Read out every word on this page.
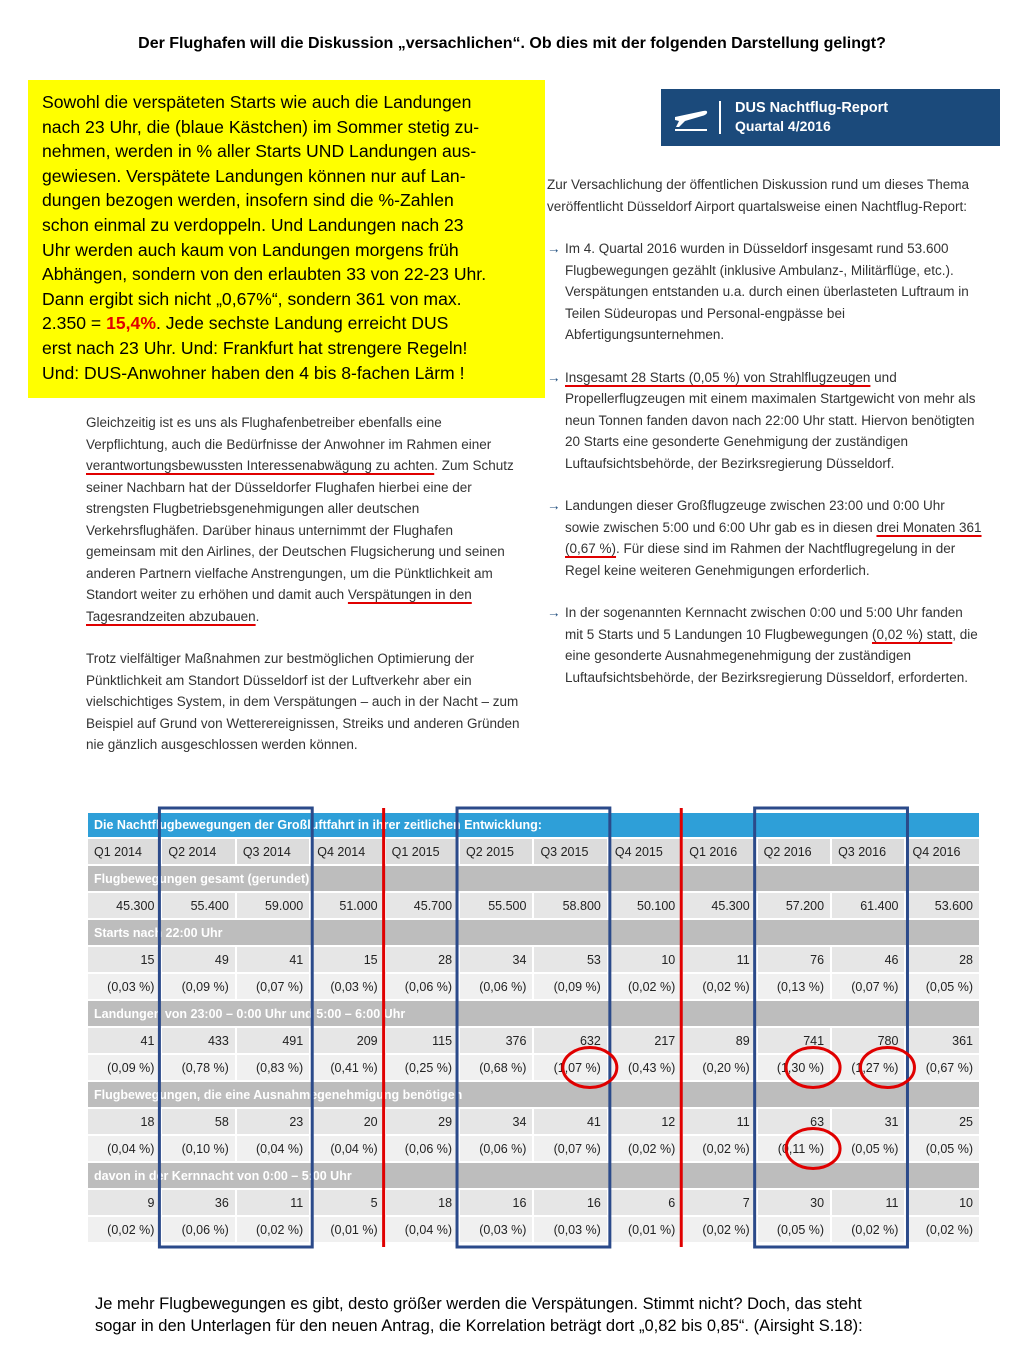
Der Flughafen will die Diskussion „versachlichen“. Ob dies mit der folgenden Darstellung gelingt?

Sowohl die verspäteten Starts wie auch die Landungen

nach 23 Uhr, die (blaue Kästchen) im Sommer stetig zu-

nehmen, werden in % aller Starts UND Landungen aus-

gewiesen. Verspätete Landungen können nur auf Lan-

dungen bezogen werden, insofern sind die %-Zahlen

schon einmal zu verdoppeln. Und Landungen nach 23

Uhr werden auch kaum von Landungen morgens früh

Abhängen, sondern von den erlaubten 33 von 22-23 Uhr.

Dann ergibt sich nicht „0,67%“, sondern 361 von max.

2.350 = 15,4%. Jede sechste Landung erreicht DUS

erst nach 23 Uhr. Und: Frankfurt hat strengere Regeln!

Und: DUS-Anwohner haben den 4 bis 8-fachen Lärm !

DUS Nachtflug-Report
Quartal 4/2016

Zur Versachlichung der öffentlichen Diskussion rund um dieses Thema veröffentlicht Düsseldorf Airport quartalsweise einen Nachtflug-Report:

→ Im 4. Quartal 2016 wurden in Düsseldorf insgesamt rund 53.600 Flugbewegungen gezählt (inklusive Ambulanz-, Militärflüge, etc.). Verspätungen entstanden u.a. durch einen überlasteten Luftraum in Teilen Südeuropas und Personal-engpässe bei Abfertigungsunternehmen.

→ Insgesamt 28 Starts (0,05 %) von Strahlflugzeugen und Propellerflugzeugen mit einem maximalen Startgewicht von mehr als neun Tonnen fanden davon nach 22:00 Uhr statt. Hiervon benötigten 20 Starts eine gesonderte Genehmigung der zuständigen Luftaufsichtsbehörde, der Bezirksregierung Düsseldorf.

→ Landungen dieser Großflugzeuge zwischen 23:00 und 0:00 Uhr sowie zwischen 5:00 und 6:00 Uhr gab es in diesen drei Monaten 361 (0,67 %). Für diese sind im Rahmen der Nachtflugregelung in der Regel keine weiteren Genehmigungen erforderlich.

→ In der sogenannten Kernnacht zwischen 0:00 und 5:00 Uhr fanden mit 5 Starts und 5 Landungen 10 Flugbewegungen (0,02 %) statt, die eine gesonderte Ausnahmegenehmigung der zuständigen Luftaufsichtsbehörde, der Bezirksregierung Düsseldorf, erforderten.

Gleichzeitig ist es uns als Flughafenbetreiber ebenfalls eine Verpflichtung, auch die Bedürfnisse der Anwohner im Rahmen einer verantwortungsbewussten Interessenabwägung zu achten. Zum Schutz seiner Nachbarn hat der Düsseldorfer Flughafen hierbei eine der strengsten Flugbetriebsgenehmigungen aller deutschen Verkehrsflughäfen. Darüber hinaus unternimmt der Flughafen gemeinsam mit den Airlines, der Deutschen Flugsicherung und seinen anderen Partnern vielfache Anstrengungen, um die Pünktlichkeit am Standort weiter zu erhöhen und damit auch Verspätungen in den Tagesrandzeiten abzubauen.

Trotz vielfältiger Maßnahmen zur bestmöglichen Optimierung der Pünktlichkeit am Standort Düsseldorf ist der Luftverkehr aber ein vielschichtiges System, in dem Verspätungen – auch in der Nacht – zum Beispiel auf Grund von Wetterereignissen, Streiks und anderen Gründen nie gänzlich ausgeschlossen werden können.

Die Nachtflugbewegungen der Großluftfahrt in ihrer zeitlichen Entwicklung:											
Q1 2014	Q2 2014	Q3 2014	Q4 2014	Q1 2015	Q2 2015	Q3 2015	Q4 2015	Q1 2016	Q2 2016	Q3 2016	Q4 2016
Flugbewegungen gesamt (gerundet)											
45.300	55.400	59.000	51.000	45.700	55.500	58.800	50.100	45.300	57.200	61.400	53.600
Starts nach 22:00 Uhr											
15	49	41	15	28	34	53	10	11	76	46	28
(0,03 %)	(0,09 %)	(0,07 %)	(0,03 %)	(0,06 %)	(0,06 %)	(0,09 %)	(0,02 %)	(0,02 %)	(0,13 %)	(0,07 %)	(0,05 %)
Landungen von 23:00 – 0:00 Uhr und 5:00 – 6:00 Uhr											
41	433	491	209	115	376	632	217	89	741	780	361
(0,09 %)	(0,78 %)	(0,83 %)	(0,41 %)	(0,25 %)	(0,68 %)	(1,07 %)	(0,43 %)	(0,20 %)	(1,30 %)	(1,27 %)	(0,67 %)
Flugbewegungen, die eine Ausnahmegenehmigung benötigen											
18	58	23	20	29	34	41	12	11	63	31	25
(0,04 %)	(0,10 %)	(0,04 %)	(0,04 %)	(0,06 %)	(0,06 %)	(0,07 %)	(0,02 %)	(0,02 %)	(0,11 %)	(0,05 %)	(0,05 %)
davon in der Kernnacht von 0:00 – 5:00 Uhr											
9	36	11	5	18	16	16	6	7	30	11	10
(0,02 %)	(0,06 %)	(0,02 %)	(0,01 %)	(0,04 %)	(0,03 %)	(0,03 %)	(0,01 %)	(0,02 %)	(0,05 %)	(0,02 %)	(0,02 %)
Je mehr Flugbewegungen es gibt, desto größer werden die Verspätungen. Stimmt nicht? Doch, das steht
sogar in den Unterlagen für den neuen Antrag, die Korrelation beträgt dort „0,82 bis 0,85“. (Airsight S.18):
